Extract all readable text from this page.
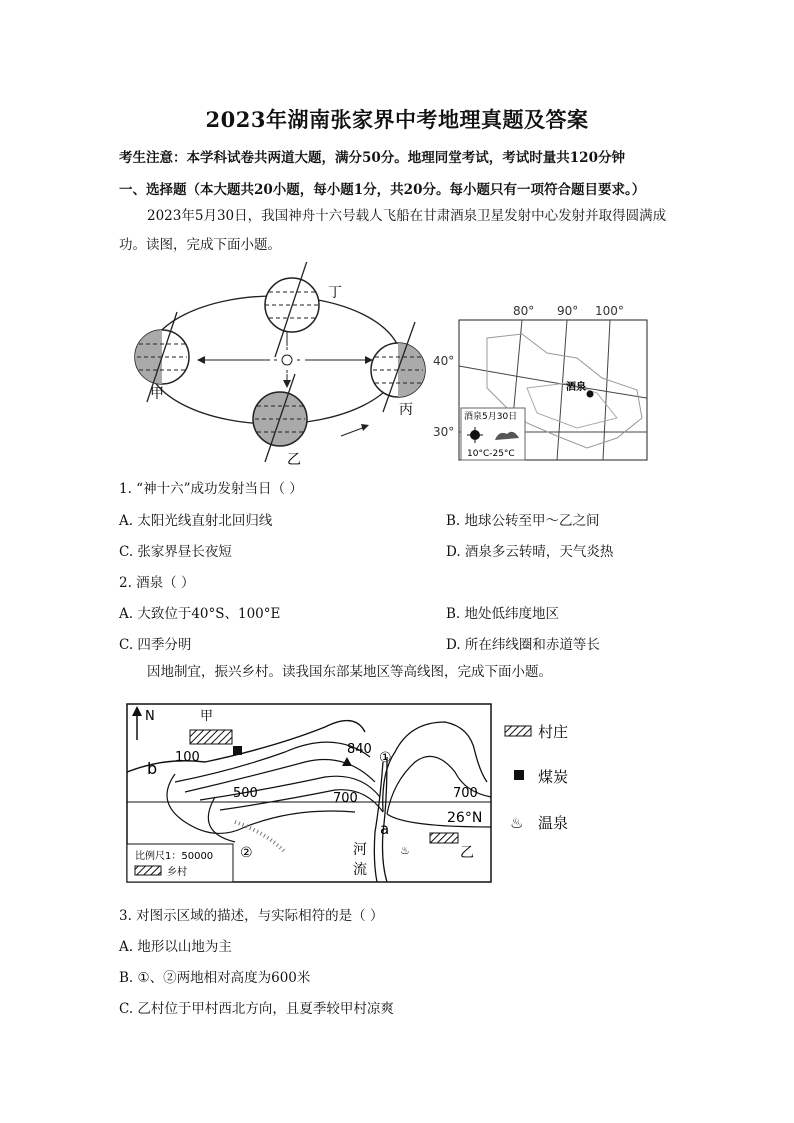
2023年湖南张家界中考地理真题及答案
考生注意：本学科试卷共两道大题，满分50分。地理同堂考试，考试时量共120分钟
一、选择题（本大题共20小题，每小题1分，共20分。每小题只有一项符合题目要求。）
2023年5月30日，我国神舟十六号载人飞船在甘肃酒泉卫星发射中心发射并取得圆满成功。读图，完成下面小题。
丁
甲
丙
乙
酒泉
80° 90° 100°
40°
30°
酒泉5月30日
10°C-25°C
1. “神十六”成功发射当日（ ）
A. 太阳光线直射北回归线	B. 地球公转至甲～乙之间
C. 张家界昼长夜短	D. 酒泉多云转晴，天气炎热
2. 酒泉（ ）
A. 大致位于40°S、100°E	B. 地处低纬度地区
C. 四季分明	D. 所在纬线圈和赤道等长
因地制宜，振兴乡村。读我国东部某地区等高线图，完成下面小题。
N	甲
840
b
100
500	700	700
①
②
a
26°N
乙
♨
河
流
比例尺1：50000
乡村
村庄
煤炭
♨ 温泉
3. 对图示区域的描述，与实际相符的是（ ）
A. 地形以山地为主
B. ①、②两地相对高度为600米
C. 乙村位于甲村西北方向，且夏季较甲村凉爽
